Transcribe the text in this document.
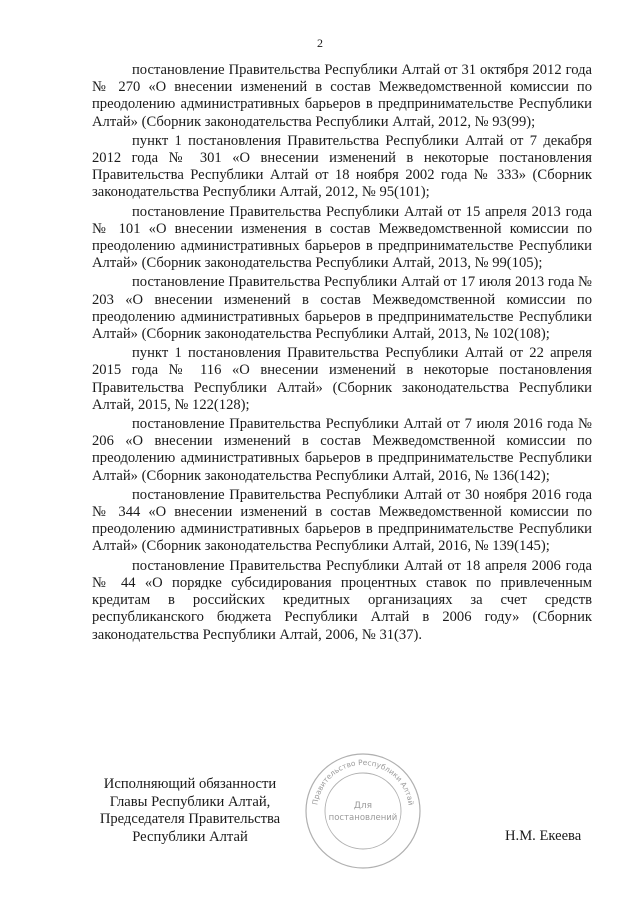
2

постановление Правительства Республики Алтай от 31 октября 2012 года № 270 «О внесении изменений в состав Межведомственной комиссии по преодолению административных барьеров в предпринимательстве Республики Алтай» (Сборник законодательства Республики Алтай, 2012, № 93(99);

пункт 1 постановления Правительства Республики Алтай от 7 декабря 2012 года № 301 «О внесении изменений в некоторые постановления Правительства Республики Алтай от 18 ноября 2002 года № 333» (Сборник законодательства Республики Алтай, 2012, № 95(101);

постановление Правительства Республики Алтай от 15 апреля 2013 года № 101 «О внесении изменения в состав Межведомственной комиссии по преодолению административных барьеров в предпринимательстве Республики Алтай» (Сборник законодательства Республики Алтай, 2013, № 99(105);

постановление Правительства Республики Алтай от 17 июля 2013 года № 203 «О внесении изменений в состав Межведомственной комиссии по преодолению административных барьеров в предпринимательстве Республики Алтай» (Сборник законодательства Республики Алтай, 2013, № 102(108);

пункт 1 постановления Правительства Республики Алтай от 22 апреля 2015 года № 116 «О внесении изменений в некоторые постановления Правительства Республики Алтай» (Сборник законодательства Республики Алтай, 2015, № 122(128);

постановление Правительства Республики Алтай от 7 июля 2016 года № 206 «О внесении изменений в состав Межведомственной комиссии по преодолению административных барьеров в предпринимательстве Республики Алтай» (Сборник законодательства Республики Алтай, 2016, № 136(142);

постановление Правительства Республики Алтай от 30 ноября 2016 года № 344 «О внесении изменений в состав Межведомственной комиссии по преодолению административных барьеров в предпринимательстве Республики Алтай» (Сборник законодательства Республики Алтай, 2016, № 139(145);

постановление Правительства Республики Алтай от 18 апреля 2006 года № 44 «О порядке субсидирования процентных ставок по привлеченным кредитам в российских кредитных организациях за счет средств республиканского бюджета Республики Алтай в 2006 году» (Сборник законодательства Республики Алтай, 2006, № 31(37).

Исполняющий обязанности
Главы Республики Алтай,
Председателя Правительства
Республики Алтай
Правительство Республики Алтай
Для
постановлений
Н.М. Екеева
